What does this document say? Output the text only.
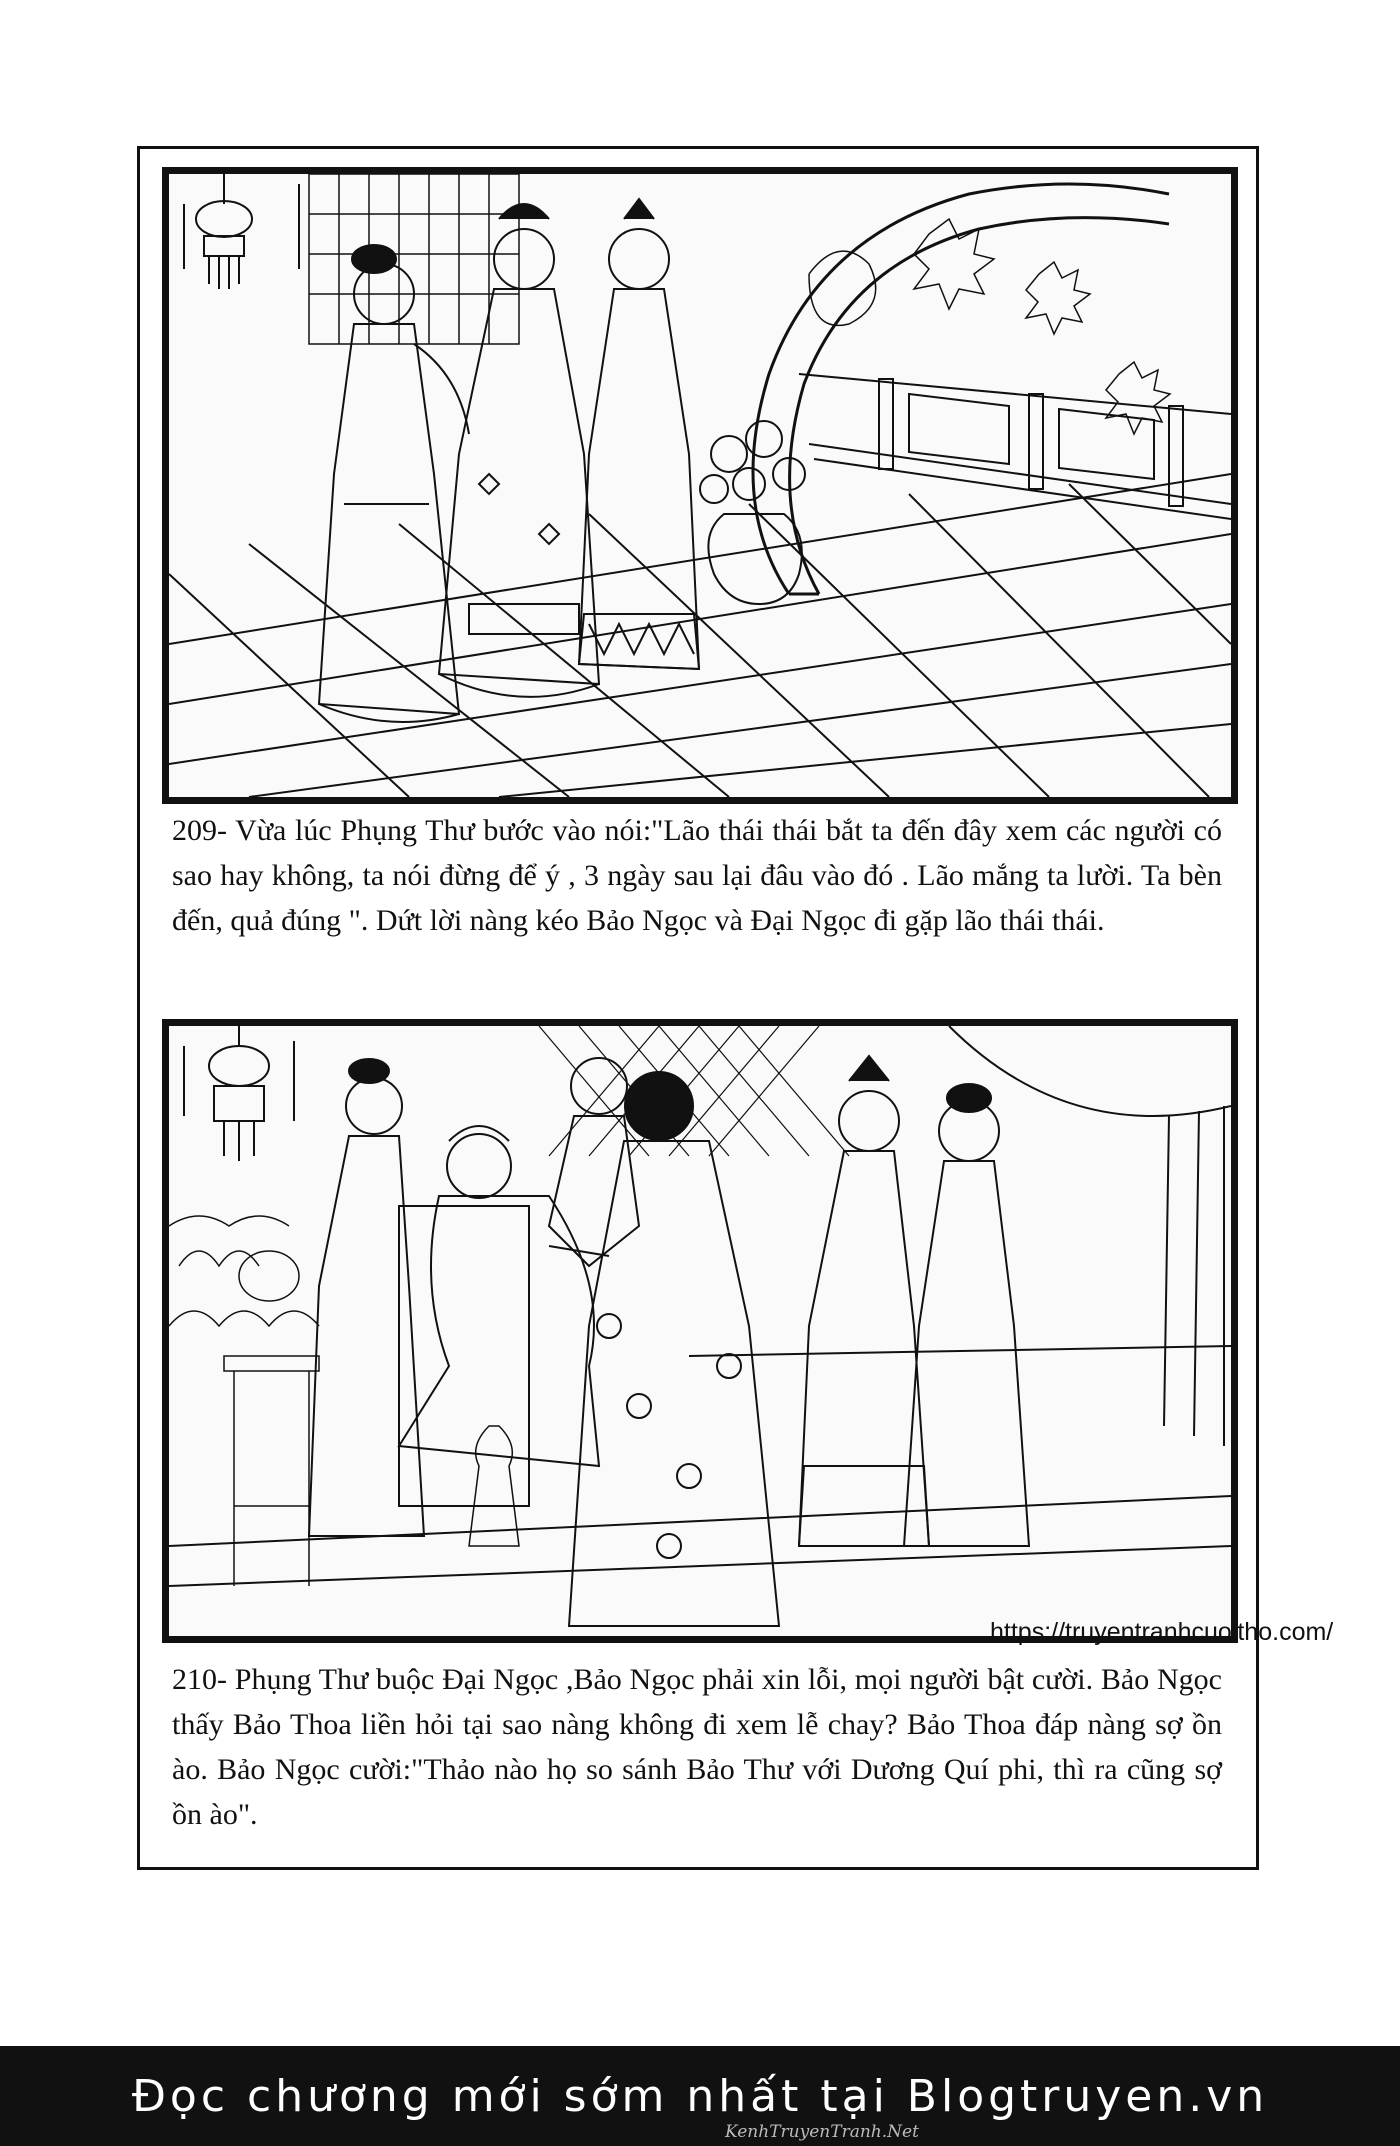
209- Vừa lúc Phụng Thư bước vào nói:"Lão thái thái bắt ta đến đây xem các người có sao hay không, ta nói đừng để ý , 3 ngày sau lại đâu vào đó . Lão mắng ta lười. Ta bèn đến, quả đúng ". Dứt lời nàng kéo Bảo Ngọc và Đại Ngọc đi gặp lão thái thái.
https://truyentranhcuoitho.com/
210- Phụng Thư buộc Đại Ngọc ,Bảo Ngọc phải xin lỗi, mọi người bật cười. Bảo Ngọc thấy Bảo Thoa liền hỏi tại sao nàng không đi xem lễ chay? Bảo Thoa đáp nàng sợ ồn ào. Bảo Ngọc cười:"Thảo nào họ so sánh Bảo Thư với Dương Quí phi, thì ra cũng sợ ồn ào".
Đọc chương mới sớm nhất tại Blogtruyen.vn
KenhTruyenTranh.Net
